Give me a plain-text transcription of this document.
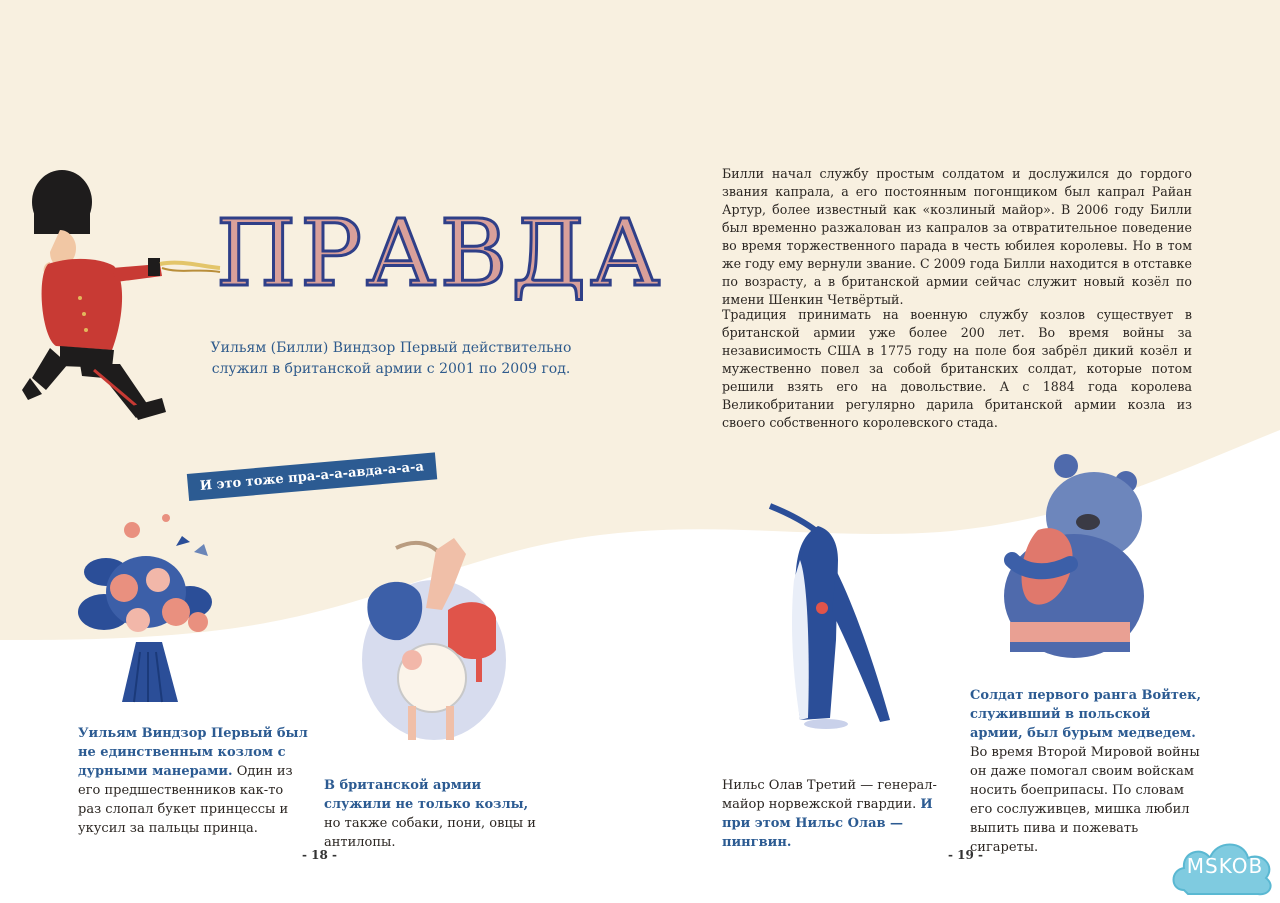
ПРАВДА
Уильям (Билли) Виндзор Первый действительно
служил в британской армии с 2001 по 2009 год.

Билли начал службу простым солдатом и дослужился до гордого звания капрала, а его постоянным погонщиком был капрал Райан Артур, более известный как «козлиный майор». В 2006 году Билли был временно разжалован из капралов за отвратительное поведение во время торжественного парада в честь юбилея королевы. Но в том же году ему вернули звание. С 2009 года Билли находится в отставке по возрасту, а в британской армии сейчас служит новый козёл по имени Шенкин Четвёртый.

Традиция принимать на военную службу козлов существует в британской армии уже более 200 лет. Во время войны за независимость США в 1775 году на поле боя забрёл дикий козёл и мужественно повел за собой британских солдат, которые потом решили взять его на довольствие. А с 1884 года королева Великобритании регулярно дарила британской армии козла из своего собственного королевского стада.

И это тоже пра-а-а-авда-а-а-а

Уильям Виндзор Первый был не единственным козлом с дурными манерами. Один из его предшественников как-то раз слопал букет принцессы и укусил за пальцы принца.

В британской армии служили не только козлы, но также собаки, пони, овцы и антилопы.

Нильс Олав Третий — генерал-майор норвежской гвардии. И при этом Нильс Олав — пингвин.

Солдат первого ранга Войтек, служивший в польской армии, был бурым медведем. Во время Второй Мировой войны он даже помогал своим войскам носить боеприпасы. По словам его сослуживцев, мишка любил выпить пива и пожевать сигареты.

- 18 -	- 19 -	MSKOB
